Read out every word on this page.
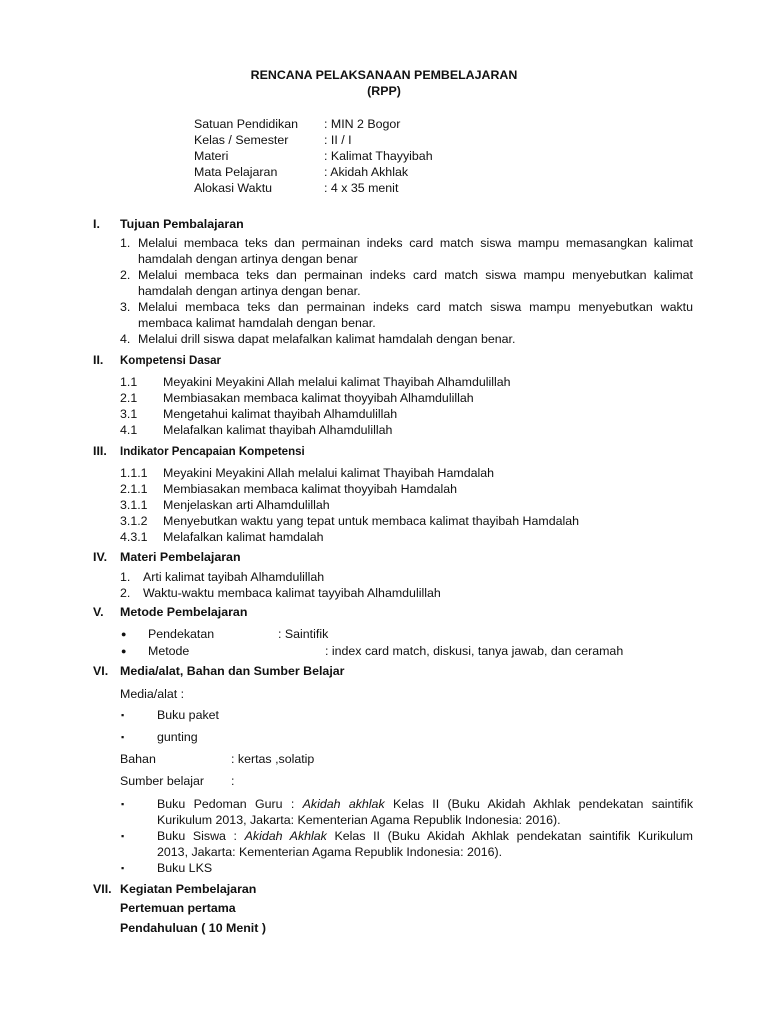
RENCANA PELAKSANAAN PEMBELAJARAN
(RPP)
Satuan Pendidikan : MIN 2 Bogor
Kelas / Semester	: II / I
Materi	: Kalimat Thayyibah
Mata Pelajaran	: Akidah Akhlak
Alokasi Waktu	: 4 x 35 menit
I. Tujuan Pembalajaran
1. Melalui membaca teks dan permainan indeks card match siswa mampu memasangkan kalimat
hamdalah dengan artinya dengan benar
2. Melalui membaca teks dan permainan indeks card match siswa mampu menyebutkan kalimat
hamdalah dengan artinya dengan benar.
3. Melalui membaca teks dan permainan indeks card match siswa mampu menyebutkan waktu
membaca kalimat hamdalah dengan benar.
4. Melalui drill siswa dapat melafalkan kalimat hamdalah dengan benar.
II. Kompetensi Dasar
1.1 Meyakini Meyakini Allah melalui kalimat Thayibah Alhamdulillah
2.1 Membiasakan membaca kalimat thoyyibah Alhamdulillah
3.1 Mengetahui kalimat thayibah Alhamdulillah
4.1 Melafalkan kalimat thayibah Alhamdulillah
III. Indikator Pencapaian Kompetensi
1.1.1 Meyakini Meyakini Allah melalui kalimat Thayibah Hamdalah
2.1.1 Membiasakan membaca kalimat thoyyibah Hamdalah
3.1.1 Menjelaskan arti Alhamdulillah
3.1.2 Menyebutkan waktu yang tepat untuk membaca kalimat thayibah Hamdalah
4.3.1 Melafalkan kalimat hamdalah
IV. Materi Pembelajaran
1. Arti kalimat tayibah Alhamdulillah
2. Waktu-waktu membaca kalimat tayyibah Alhamdulillah
V. Metode Pembelajaran
● Pendekatan	: Saintifik
● Metode	: index card match, diskusi, tanya jawab, dan ceramah
VI. Media/alat, Bahan dan Sumber Belajar
Media/alat :
▪	Buku paket
▪	gunting
Bahan	: kertas ,solatip
Sumber belajar :
▪	Buku Pedoman Guru : Akidah akhlak Kelas II (Buku Akidah Akhlak pendekatan saintifik
Kurikulum 2013, Jakarta: Kementerian Agama Republik Indonesia: 2016).
▪	Buku Siswa : Akidah Akhlak Kelas II (Buku Akidah Akhlak pendekatan saintifik Kurikulum
2013, Jakarta: Kementerian Agama Republik Indonesia: 2016).
▪	Buku LKS
VII. Kegiatan Pembelajaran
Pertemuan pertama
Pendahuluan ( 10 Menit )
